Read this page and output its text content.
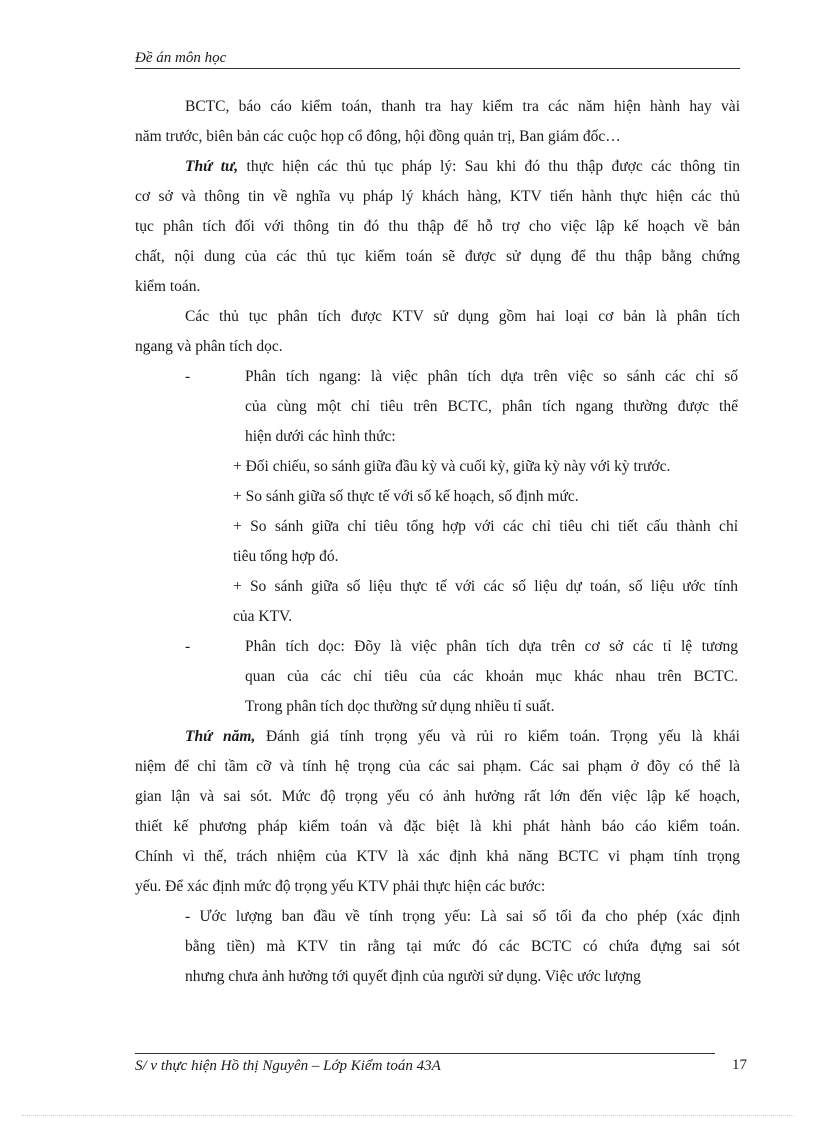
Đề án môn học
BCTC, báo cáo kiểm toán, thanh tra hay kiểm tra các năm hiện hành hay vài
năm trước, biên bản các cuộc họp cổ đông, hội đồng quản trị, Ban giám đốc…
Thứ tư, thực hiện các thủ tục pháp lý: Sau khi đó thu thập được các thông tin
cơ sở và thông tin về nghĩa vụ pháp lý khách hàng, KTV tiến hành thực hiện các thủ
tục phân tích đối với thông tin đó thu thập để hỗ trợ cho việc lập kế hoạch về bản
chất, nội dung của các thủ tục kiểm toán sẽ được sử dụng để thu thập bằng chứng
kiểm toán.
Các thủ tục phân tích được KTV sử dụng gồm hai loại cơ bản là phân tích
ngang và phân tích dọc.
-	Phân tích ngang: là việc phân tích dựa trên việc so sánh các chỉ số
của cùng một chỉ tiêu trên BCTC, phân tích ngang thường được thể
hiện dưới các hình thức:
+ Đối chiếu, so sánh giữa đầu kỳ và cuối kỳ, giữa kỳ này với kỳ trước.
+ So sánh giữa số thực tế với số kế hoạch, số định mức.
+ So sánh giữa chỉ tiêu tổng hợp với các chỉ tiêu chi tiết cấu thành chỉ
tiêu tổng hợp đó.
+ So sánh giữa số liệu thực tế với các số liệu dự toán, số liệu ước tính
của KTV.
-	Phân tích dọc: Đõy là việc phân tích dựa trên cơ sở các tỉ lệ tương
quan của các chỉ tiêu của các khoản mục khác nhau trên BCTC.
Trong phân tích dọc thường sử dụng nhiều tỉ suất.
Thứ năm, Đánh giá tính trọng yếu và rủi ro kiểm toán. Trọng yếu là khái
niệm để chỉ tầm cỡ và tính hệ trọng của các sai phạm. Các sai phạm ở đõy có thể là
gian lận và sai sót. Mức độ trọng yếu có ảnh hưởng rất lớn đến việc lập kế hoạch,
thiết kế phương pháp kiểm toán và đặc biệt là khi phát hành báo cáo kiểm toán.
Chính vì thế, trách nhiệm của KTV là xác định khả năng BCTC vi phạm tính trọng
yếu. Để xác định mức độ trọng yếu KTV phải thực hiện các bước:
- Ước lượng ban đầu về tính trọng yếu: Là sai số tối đa cho phép (xác định
bằng tiền) mà KTV tin rằng tại mức đó các BCTC có chứa đựng sai sót
nhưng chưa ảnh hưởng tới quyết định của người sử dụng. Việc ước lượng
S/ v thực hiện Hồ thị Nguyên – Lớp Kiểm toán 43A	17
